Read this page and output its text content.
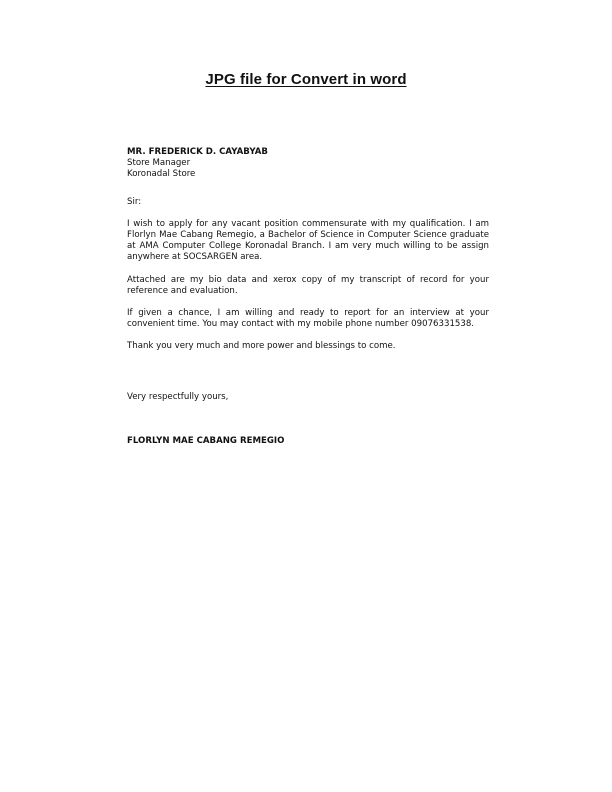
JPG file for Convert in word
MR. FREDERICK D. CAYABYAB
Store Manager
Koronadal Store
Sir:
I wish to apply for any vacant position commensurate with my qualification. I am Florlyn Mae Cabang Remegio, a Bachelor of Science in Computer Science graduate at AMA Computer College Koronadal Branch. I am very much willing to be assign anywhere at SOCSARGEN area.
Attached are my bio data and xerox copy of my transcript of record for your reference and evaluation.
If given a chance, I am willing and ready to report for an interview at your convenient time. You may contact with my mobile phone number 09076331538.
Thank you very much and more power and blessings to come.
Very respectfully yours,
FLORLYN MAE CABANG REMEGIO
